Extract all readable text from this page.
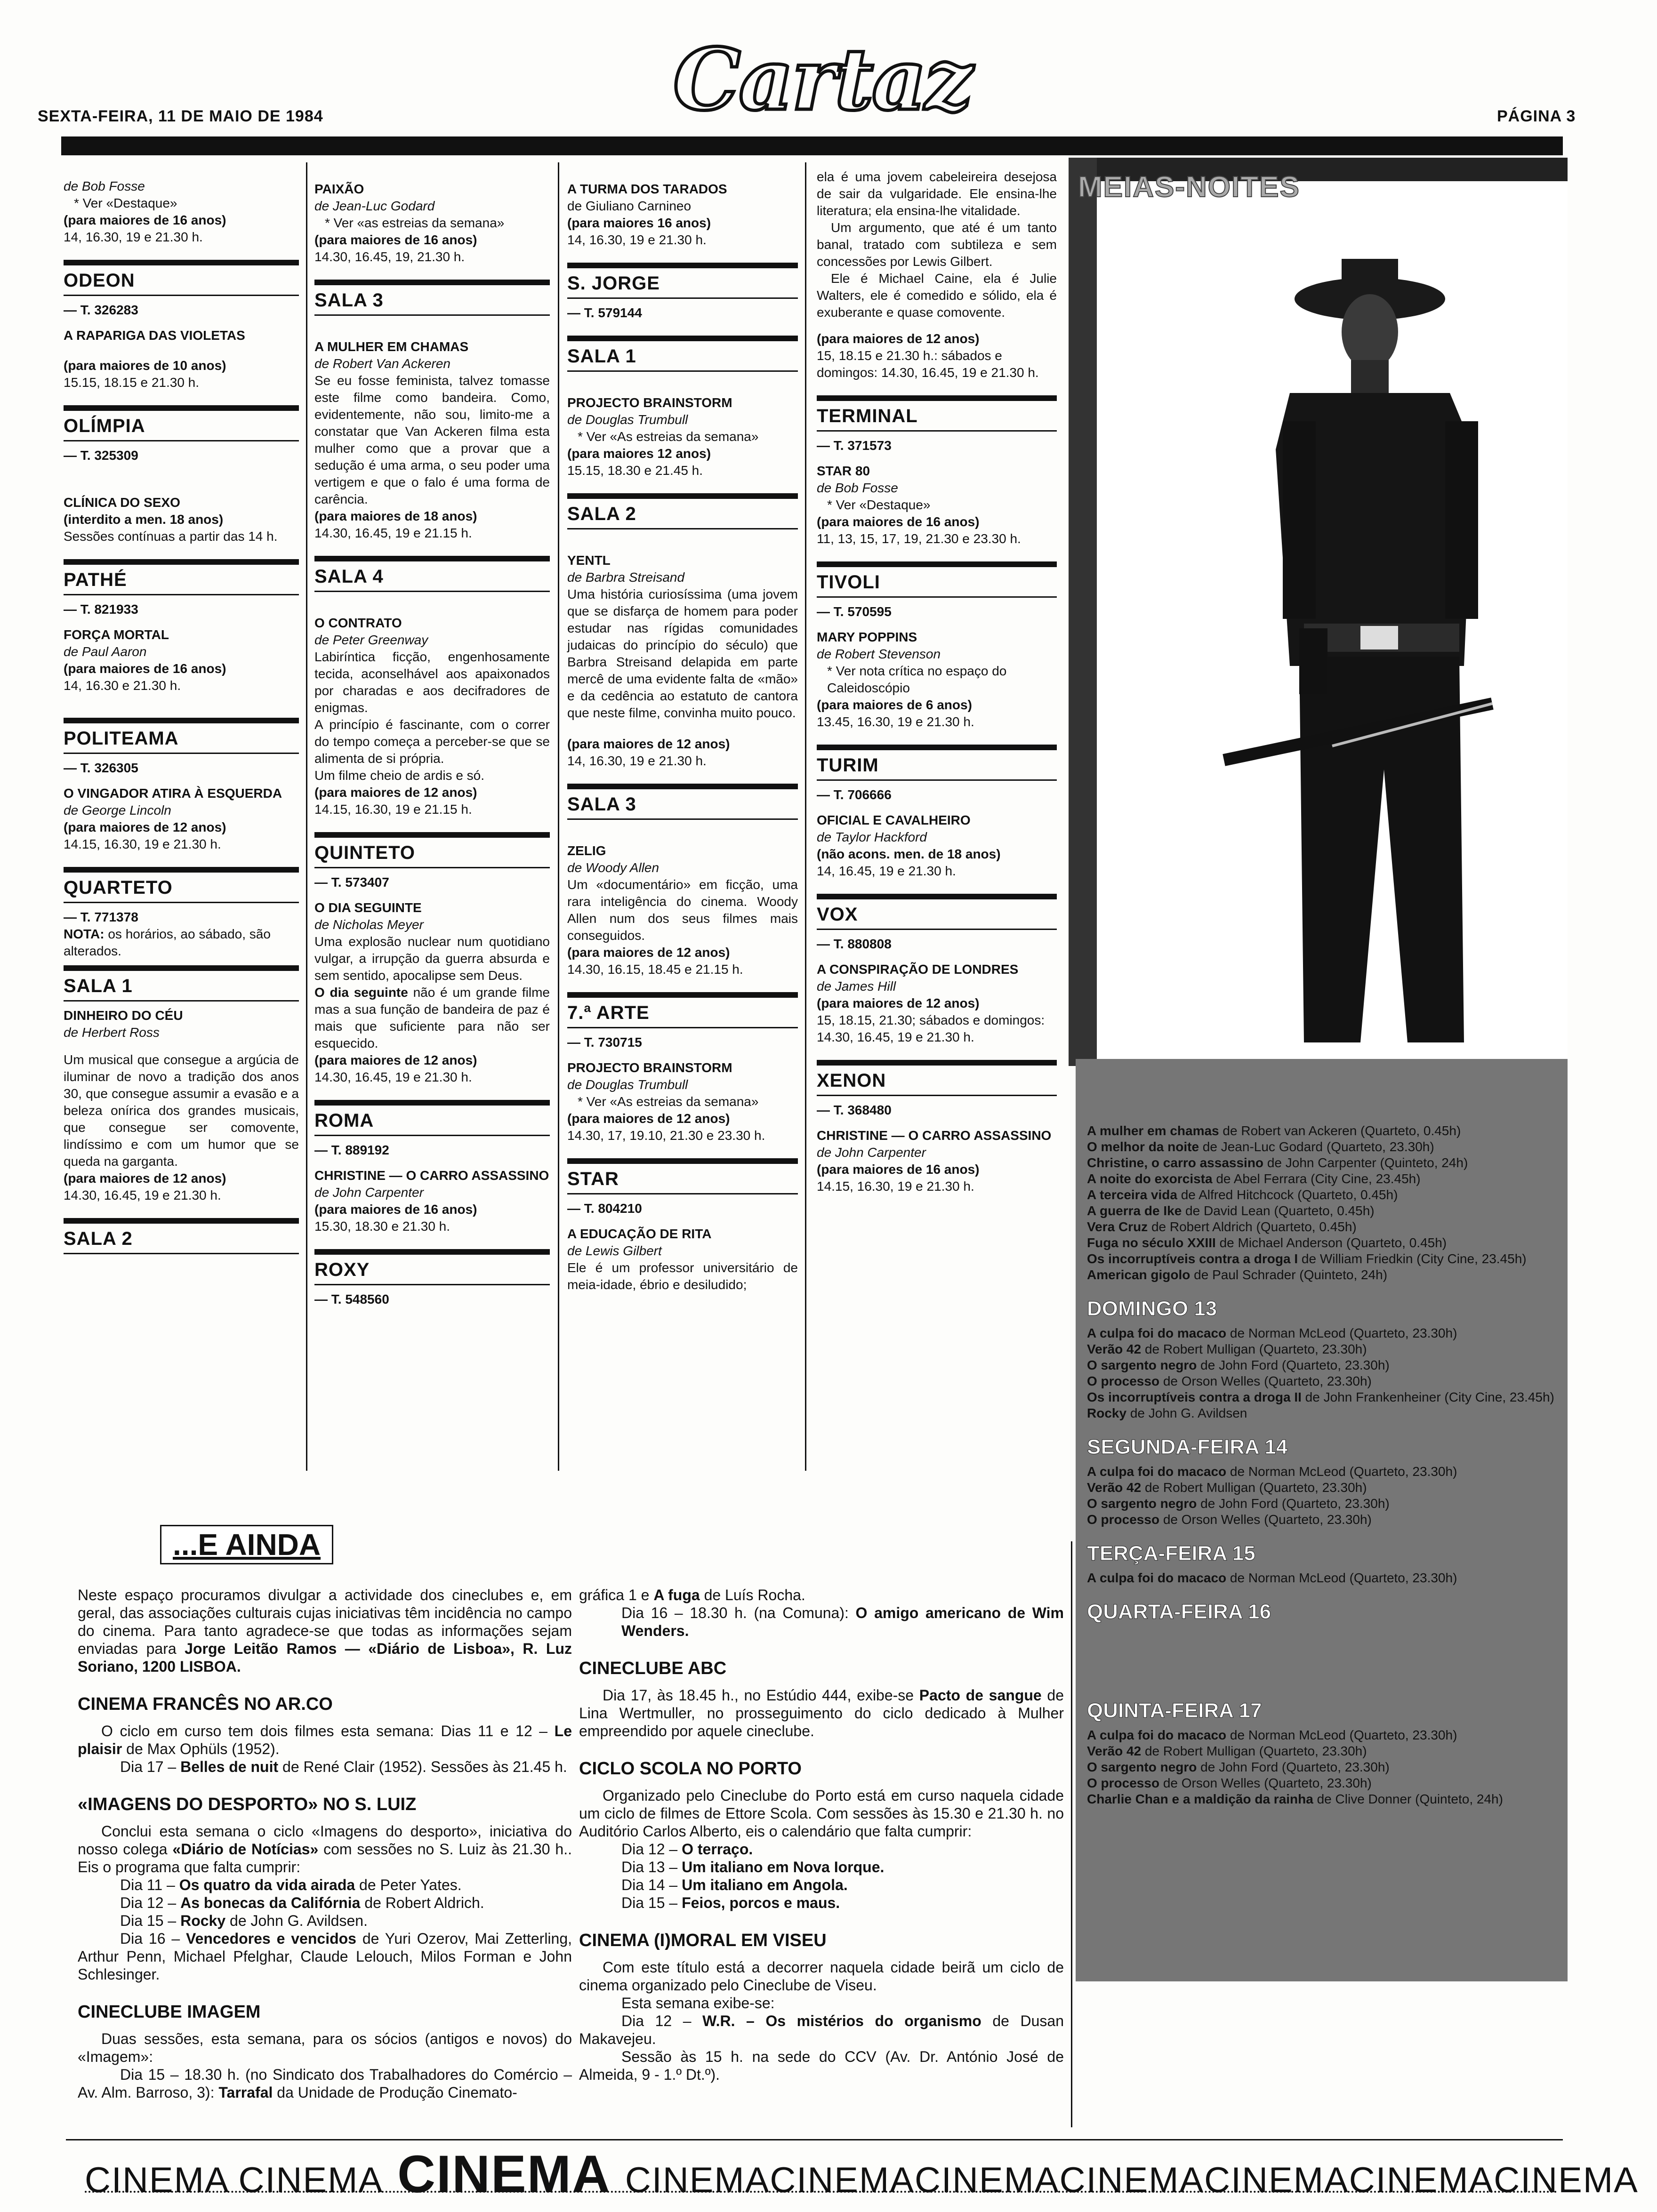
SEXTA-FEIRA, 11 DE MAIO DE 1984	Cartaz	PÁGINA 3
de Bob Fosse
* Ver «Destaque»
(para maiores de 16 anos)
14, 16.30, 19 e 21.30 h.
ODEON
— T. 326283
A RAPARIGA DAS VIOLETAS
(para maiores de 10 anos)
15.15, 18.15 e 21.30 h.
OLÍMPIA
— T. 325309
CLÍNICA DO SEXO
(interdito a men. 18 anos)
Sessões contínuas a partir das 14 h.
PATHÉ
— T. 821933
FORÇA MORTAL
de Paul Aaron
(para maiores de 16 anos)
14, 16.30 e 21.30 h.
POLITEAMA
— T. 326305
O VINGADOR ATIRA À ESQUERDA
de George Lincoln
(para maiores de 12 anos)
14.15, 16.30, 19 e 21.30 h.
QUARTETO
— T. 771378
NOTA: os horários, ao sábado, são alterados.
SALA 1
DINHEIRO DO CÉU
de Herbert Ross
Um musical que consegue a argúcia de iluminar de novo a tradição dos anos 30, que consegue assumir a evasão e a beleza onírica dos grandes musicais, que consegue ser comovente, lindíssimo e com um humor que se queda na garganta.
(para maiores de 12 anos)
14.30, 16.45, 19 e 21.30 h.
SALA 2
PAIXÃO
de Jean-Luc Godard
* Ver «as estreias da semana»
(para maiores de 16 anos)
14.30, 16.45, 19, 21.30 h.
SALA 3
A MULHER EM CHAMAS
de Robert Van Ackeren
Se eu fosse feminista, talvez tomasse este filme como bandeira. Como, evidentemente, não sou, limito-me a constatar que Van Ackeren filma esta mulher como que a provar que a sedução é uma arma, o seu poder uma vertigem e que o falo é uma forma de carência.
(para maiores de 18 anos)
14.30, 16.45, 19 e 21.15 h.
SALA 4
O CONTRATO
de Peter Greenway
Labiríntica ficção, engenhosamente tecida, aconselhável aos apaixonados por charadas e aos decifradores de enigmas.
A princípio é fascinante, com o correr do tempo começa a perceber-se que se alimenta de si própria.
Um filme cheio de ardis e só.
(para maiores de 12 anos)
14.15, 16.30, 19 e 21.15 h.
QUINTETO
— T. 573407
O DIA SEGUINTE
de Nicholas Meyer
Uma explosão nuclear num quotidiano vulgar, a irrupção da guerra absurda e sem sentido, apocalipse sem Deus.
O dia seguinte não é um grande filme mas a sua função de bandeira de paz é mais que suficiente para não ser esquecido.
(para maiores de 12 anos)
14.30, 16.45, 19 e 21.30 h.
ROMA
— T. 889192
CHRISTINE — O CARRO ASSASSINO
de John Carpenter
(para maiores de 16 anos)
15.30, 18.30 e 21.30 h.
ROXY
— T. 548560
A TURMA DOS TARADOS
de Giuliano Carnineo
(para maiores 16 anos)
14, 16.30, 19 e 21.30 h.
S. JORGE
— T. 579144
SALA 1
PROJECTO BRAINSTORM
de Douglas Trumbull
* Ver «As estreias da semana»
(para maiores 12 anos)
15.15, 18.30 e 21.45 h.
SALA 2
YENTL
de Barbra Streisand
Uma história curiosíssima (uma jovem que se disfarça de homem para poder estudar nas rígidas comunidades judaicas do princípio do século) que Barbra Streisand delapida em parte mercê de uma evidente falta de «mão» e da cedência ao estatuto de cantora que neste filme, convinha muito pouco.
(para maiores de 12 anos)
14, 16.30, 19 e 21.30 h.
SALA 3
ZELIG
de Woody Allen
Um «documentário» em ficção, uma rara inteligência do cinema. Woody Allen num dos seus filmes mais conseguidos.
(para maiores de 12 anos)
14.30, 16.15, 18.45 e 21.15 h.
7.ª ARTE
— T. 730715
PROJECTO BRAINSTORM
de Douglas Trumbull
* Ver «As estreias da semana»
(para maiores de 12 anos)
14.30, 17, 19.10, 21.30 e 23.30 h.
STAR
— T. 804210
A EDUCAÇÃO DE RITA
de Lewis Gilbert
Ele é um professor universitário de meia-idade, ébrio e desiludido;
ela é uma jovem cabeleireira desejosa de sair da vulgaridade. Ele ensina-lhe literatura; ela ensina-lhe vitalidade.
Um argumento, que até é um tanto banal, tratado com subtileza e sem concessões por Lewis Gilbert.
Ele é Michael Caine, ela é Julie Walters, ele é comedido e sólido, ela é exuberante e quase comovente.
(para maiores de 12 anos)
15, 18.15 e 21.30 h.: sábados e domingos: 14.30, 16.45, 19 e 21.30 h.
TERMINAL
— T. 371573
STAR 80
de Bob Fosse
* Ver «Destaque»
(para maiores de 16 anos)
11, 13, 15, 17, 19, 21.30 e 23.30 h.
TIVOLI
— T. 570595
MARY POPPINS
de Robert Stevenson
* Ver nota crítica no espaço do Caleidoscópio
(para maiores de 6 anos)
13.45, 16.30, 19 e 21.30 h.
TURIM
— T. 706666
OFICIAL E CAVALHEIRO
de Taylor Hackford
(não acons. men. de 18 anos)
14, 16.45, 19 e 21.30 h.
VOX
— T. 880808
A CONSPIRAÇÃO DE LONDRES
de James Hill
(para maiores de 12 anos)
15, 18.15, 21.30; sábados e domingos: 14.30, 16.45, 19 e 21.30 h.
XENON
— T. 368480
CHRISTINE — O CARRO ASSASSINO
de John Carpenter
(para maiores de 16 anos)
14.15, 16.30, 19 e 21.30 h.
MEIAS-NOITES
A mulher em chamas de Robert van Ackeren (Quarteto, 0.45h)
O melhor da noite de Jean-Luc Godard (Quarteto, 23.30h)
Christine, o carro assassino de John Carpenter (Quinteto, 24h)
A noite do exorcista de Abel Ferrara (City Cine, 23.45h)
A terceira vida de Alfred Hitchcock (Quarteto, 0.45h)
A guerra de Ike de David Lean (Quarteto, 0.45h)
Vera Cruz de Robert Aldrich (Quarteto, 0.45h)
Fuga no século XXIII de Michael Anderson (Quarteto, 0.45h)
Os incorruptíveis contra a droga I de William Friedkin (City Cine, 23.45h)
American gigolo de Paul Schrader (Quinteto, 24h)
DOMINGO 13
A culpa foi do macaco de Norman McLeod (Quarteto, 23.30h)
Verão 42 de Robert Mulligan (Quarteto, 23.30h)
O sargento negro de John Ford (Quarteto, 23.30h)
O processo de Orson Welles (Quarteto, 23.30h)
Os incorruptíveis contra a droga II de John Frankenheiner (City Cine, 23.45h)
Rocky de John G. Avildsen
SEGUNDA-FEIRA 14
A culpa foi do macaco de Norman McLeod (Quarteto, 23.30h)
Verão 42 de Robert Mulligan (Quarteto, 23.30h)
O sargento negro de John Ford (Quarteto, 23.30h)
O processo de Orson Welles (Quarteto, 23.30h)
TERÇA-FEIRA 15
A culpa foi do macaco de Norman McLeod (Quarteto, 23.30h)
QUARTA-FEIRA 16
QUINTA-FEIRA 17
A culpa foi do macaco de Norman McLeod (Quarteto, 23.30h)
Verão 42 de Robert Mulligan (Quarteto, 23.30h)
O sargento negro de John Ford (Quarteto, 23.30h)
O processo de Orson Welles (Quarteto, 23.30h)
Charlie Chan e a maldição da rainha de Clive Donner (Quinteto, 24h)
...E AINDA
Neste espaço procuramos divulgar a actividade dos cineclubes e, em geral, das associações culturais cujas iniciativas têm incidência no campo do cinema. Para tanto agradece-se que todas as informações sejam enviadas para Jorge Leitão Ramos — «Diário de Lisboa», R. Luz Soriano, 1200 LISBOA.
CINEMA FRANCÊS NO AR.CO
O ciclo em curso tem dois filmes esta semana: Dias 11 e 12 – Le plaisir de Max Ophüls (1952).
Dia 17 – Belles de nuit de René Clair (1952). Sessões às 21.45 h.
«IMAGENS DO DESPORTO» NO S. LUIZ
Conclui esta semana o ciclo «Imagens do desporto», iniciativa do nosso colega «Diário de Notícias» com sessões no S. Luiz às 21.30 h.. Eis o programa que falta cumprir:
Dia 11 – Os quatro da vida airada de Peter Yates.
Dia 12 – As bonecas da Califórnia de Robert Aldrich.
Dia 15 – Rocky de John G. Avildsen.
Dia 16 – Vencedores e vencidos de Yuri Ozerov, Mai Zetterling, Arthur Penn, Michael Pfelghar, Claude Lelouch, Milos Forman e John Schlesinger.
CINECLUBE IMAGEM
Duas sessões, esta semana, para os sócios (antigos e novos) do «Imagem»:
Dia 15 – 18.30 h. (no Sindicato dos Trabalhadores do Comércio – Av. Alm. Barroso, 3): Tarrafal da Unidade de Produção Cinemato-
gráfica 1 e A fuga de Luís Rocha.
Dia 16 – 18.30 h. (na Comuna): O amigo americano de Wim Wenders.
CINECLUBE ABC
Dia 17, às 18.45 h., no Estúdio 444, exibe-se Pacto de sangue de Lina Wertmuller, no prosseguimento do ciclo dedicado à Mulher empreendido por aquele cineclube.
CICLO SCOLA NO PORTO
Organizado pelo Cineclube do Porto está em curso naquela cidade um ciclo de filmes de Ettore Scola. Com sessões às 15.30 e 21.30 h. no Auditório Carlos Alberto, eis o calendário que falta cumprir:
Dia 12 – O terraço.
Dia 13 – Um italiano em Nova Iorque.
Dia 14 – Um italiano em Angola.
Dia 15 – Feios, porcos e maus.
CINEMA (I)MORAL EM VISEU
Com este título está a decorrer naquela cidade beirã um ciclo de cinema organizado pelo Cineclube de Viseu.
Esta semana exibe-se:
Dia 12 – W.R. – Os mistérios do organismo de Dusan Makavejeu.
Sessão às 15 h. na sede do CCV (Av. Dr. António José de Almeida, 9 - 1.º Dt.º).
CINEMA CINEMA CINEMA CINEMACINEMACINEMACINEMACINEMACINEMACINEMA
